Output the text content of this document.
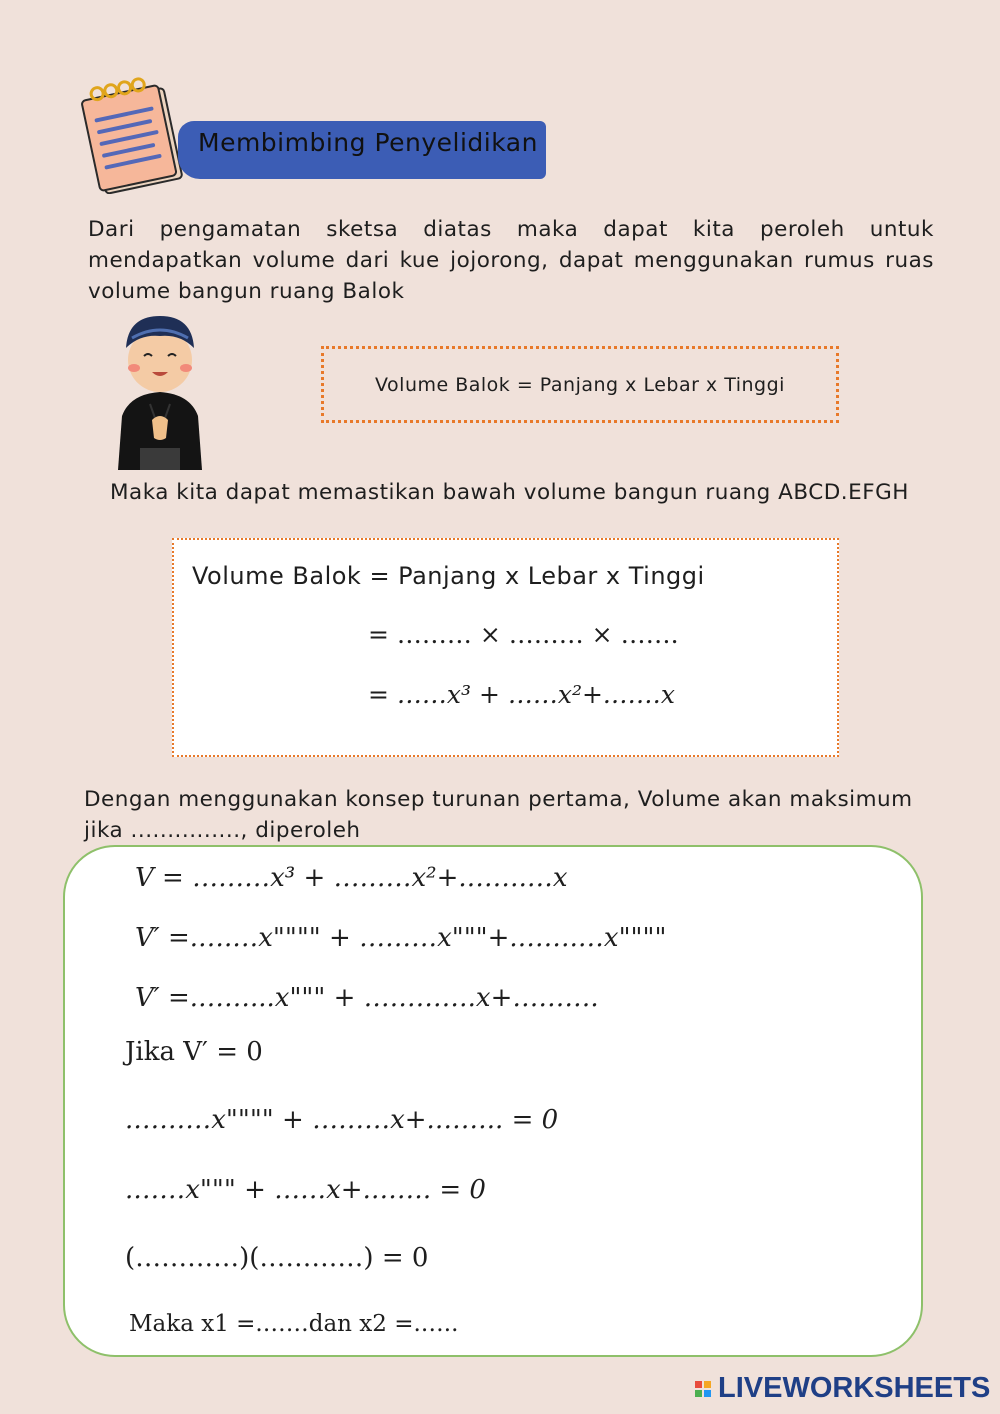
Membimbing Penyelidikan
Dari pengamatan sketsa diatas maka dapat kita peroleh untuk mendapatkan volume dari kue jojorong, dapat menggunakan rumus ruas volume bangun ruang Balok
Volume Balok = Panjang x Lebar x Tinggi
Maka kita dapat memastikan bawah volume bangun ruang ABCD.EFGH
Volume Balok = Panjang x Lebar x Tinggi
= ……… × ……… × …….
= ……x³ + ……x²+.……x
Dengan menggunakan konsep turunan pertama, Volume akan maksimum jika ..............., diperoleh
V = ………x³ + ………x²+.…….…x
V′ =.….…x"""" + ………x"""+.…….…x""""
V′ =.……...x""" + ………….x+……….
Jika V′ = 0
.………x"""" + ………x+.…….. = 0
.……x""" + ……x+.……. = 0
(…………)(…………) = 0
Maka x1 =.……dan x2 =.…..
LIVEWORKSHEETS
